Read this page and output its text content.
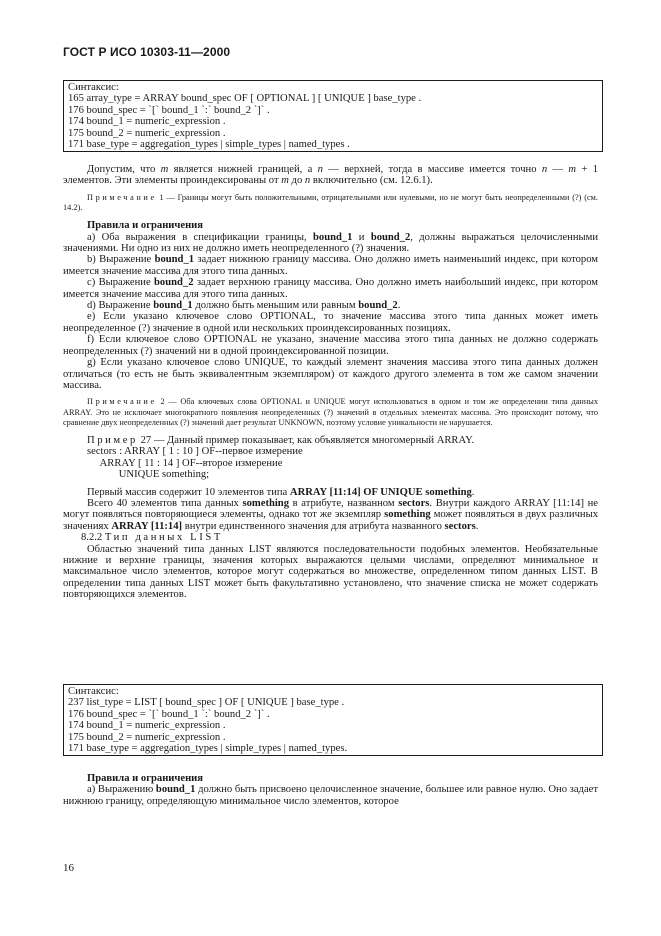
ГОСТ Р ИСО 10303-11—2000
Синтаксис:
165 array_type = ARRAY bound_spec OF [ OPTIONAL ] [ UNIQUE ] base_type .
176 bound_spec = `[` bound_1 `:` bound_2 `]` .
174 bound_1 = numeric_expression .
175 bound_2 = numeric_expression .
171 base_type = aggregation_types | simple_types | named_types .

Допустим, что m является нижней границей, а n — верхней, тогда в массиве имеется точно n — m + 1 элементов. Эти элементы проиндексированы от m до n включительно (см. 12.6.1).

Примечание 1 — Границы могут быть положительными, отрицательными или нулевыми, но не могут быть неопределенными (?) (см. 14.2).

Правила и ограничения

а) Оба выражения в спецификации границы, bound_1 и bound_2, должны выражаться целочисленными значениями. Ни одно из них не должно иметь неопределенного (?) значения.

b) Выражение bound_1 задает нижнюю границу массива. Оно должно иметь наименьший индекс, при котором имеется значение массива для этого типа данных.

с) Выражение bound_2 задает верхнюю границу массива. Оно должно иметь наибольший индекс, при котором имеется значение массива для этого типа данных.

d) Выражение bound_1 должно быть меньшим или равным bound_2.

е) Если указано ключевое слово OPTIONAL, то значение массива этого типа данных может иметь неопределенное (?) значение в одной или нескольких проиндексированных позициях.

f) Если ключевое слово OPTIONAL не указано, значение массива этого типа данных не должно содержать неопределенных (?) значений ни в одной проиндексированной позиции.

g) Если указано ключевое слово UNIQUE, то каждый элемент значения массива этого типа данных должен отличаться (то есть не быть эквивалентным экземпляром) от каждого другого элемента в том же самом значении массива.

Примечание 2 — Оба ключевых слова OPTIONAL и UNIQUE могут использоваться в одном и том же определении типа данных ARRAY. Это не исключает многократного появления неопределенных (?) значений в отдельных элементах массива. Это происходит потому, что сравнение двух неопределенных (?) значений дает результат UNKNOWN, поэтому условие уникальности не нарушается.

Пример 27 — Данный пример показывает, как объявляется многомерный ARRAY.

sectors : ARRAY [ 1 : 10 ] OF--первое измерение
ARRAY [ 11 : 14 ] OF--второе измерение
UNIQUE something;

Первый массив содержит 10 элементов типа ARRAY [11:14] OF UNIQUE something.

Всего 40 элементов типа данных something в атрибуте, названном sectors. Внутри каждого ARRAY [11:14] не могут появляться повторяющиеся элементы, однако тот же экземпляр something может появляться в двух различных значениях ARRAY [11:14] внутри единственного значения для атрибута названного sectors.

8.2.2 Тип данных LIST

Областью значений типа данных LIST являются последовательности подобных элементов. Необязательные нижние и верхние границы, значения которых выражаются целыми числами, определяют минимальное и максимальное число элементов, которое могут содержаться во множестве, определенном типом данных LIST. В определении типа данных LIST может быть факультативно установлено, что значение списка не может содержать повторяющихся элементов.

Синтаксис:
237 list_type = LIST [ bound_spec ] OF [ UNIQUE ] base_type .
176 bound_spec = `[` bound_1 `:` bound_2 `]` .
174 bound_1 = numeric_expression .
175 bound_2 = numeric_expression .
171 base_type = aggregation_types | simple_types | named_types.

Правила и ограничения

а) Выражению bound_1 должно быть присвоено целочисленное значение, большее или равное нулю. Оно задает нижнюю границу, определяющую минимальное число элементов, которое

16
